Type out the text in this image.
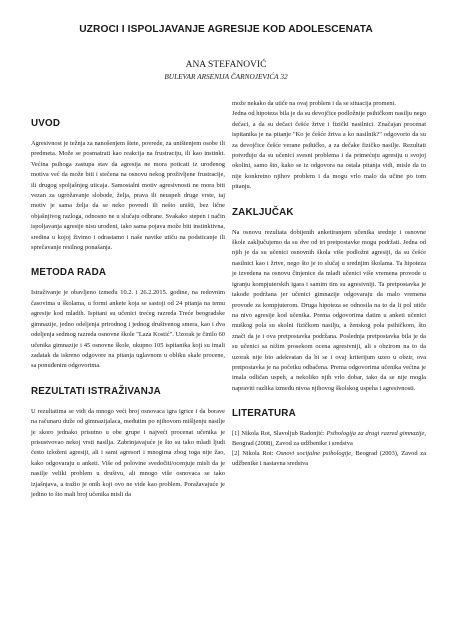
UZROCI I ISPOLJAVANJE AGRESIJE KOD ADOLESCENATA
ANA STEFANOVIĆ
BULEVAR ARSENIJA ČARNOJEVIĆA 32
UVOD

Agresivnost je težnja za nanošenjem štete, povrede, za uništenjem osobe ili predmeta. Može se posmatrati kao reakcija na frustraciju, ili kao instinkt. Većina psihoga zastupa stav da agresija ne mora poticati iz urođenog motiva već da može biti i stečena na osnovu nekog proživljene frustracije, ili drugog spoljašnjeg uticaja. Samostalni motiv agresivnosti ne mora biti vezan za ugrožavanje slobode, želja, prava ili neuspeh druge vrste, taj motiv je sama želja da se neko povredi ili nešto uništi, bez lične objašnjivog razloga, odnosno ne u slučaju odbrane. Svakako stepen i način ispoljavanja agresije nisu urođeni, iako sama pojava može biti instinktivna, sredina u kojoj živimo i odrastamo i naše navike utiču na podsticanje ili sprečavanje resilnog ponašanja.

METODA RADA

Istraživanje je obavljeno između 10.2. i 26.2.2015. godine, na redovnim časovima u školama, u formi ankete koja se sastoji od 24 pitanja na temu agresije kod mladih. Ispitani su učenici trećeg razreda Treće beogradske gimnazije, jedno odeljenja prirodnog i jednog društvenog smera, kao i dva odeljenja sedmog razreda osnovne škole "Laza Kostić". Uzorak je činilo 60 učenika gimnazije i 45 osnovne škole, ukupno 105 ispitanika koji su imali zadatak da iskreno odgovore na pitanja uglavnom u obliku skale procene, sa ponuđenim odgovorima.

REZULTATI ISTRAŽIVANJA

U rezultatima se vidi da mnogo veći broj osnovaca igra igrice i da borave na računaru duže od gimnazijalaca, međutim po njihovom mišljenju nasilje je skoro jednako prisutno u obe grupe i najveći procenat učenika je prisustvovao nekoj vrsti nasilja. Zabrinjavajuće je što su tako mladi ljudi često izloženi agresiji, ali i sami agresori i mnogima zbog toga nije žao, kako odgovaraju u anketi. Više od polovine svedočiti/ocenjuje misli da je nasilje veliki problem u društvu, ali mnogo više osnovaca se tako izjašnjava, a tražio je onih koji ovo ne vide kao problem. Poražavajuće je jedino to što mali broj učenika misli da

može nekako da utiče na ovaj problem i da se situacija promeni.

Jedna od hipoteza bila je da su devojčice podložnije psihičkom nasilju nego dečaci, a da su dečaci češće žrtve i fizički nasilnici. Značajan procenat ispitanika je na pitanje "Ko je češće žrtva a ko nasilnik?" odgovorio da su za devojčice češće verane psihičko, a za dečake fizičko nasilje. Rezultati potvrđuju da su učenici svesni problema i da primećuju agresiju u svojoj okolini, samo što, kako se iz odgovora na ostala pitanja vidi, misle da to nije konkretno njihov problem i da mogu vrlo malo da učine po tom pitanju.

ZAKLJUČAK

Na osnovu rezultata dobijenih anketiranjem učenika srednje i osnovne škole zaključujemo da su dve od tri pretpostavke mogu podržati. Jedna od njih je da su učenici osnovnih škola više podložni agresiji, da su češće nasilnici kao i žrtve, nego što je to slučaj u srednjim školama. Ta hipoteza je izvedena na osnovu činjenice da mlađi učenici više vremena provode u igranju kompjuterskih igara i samim tim su agresivniji. Ta pretpostavka je takođe podržana jer učenici gimnazije odgovaraju da malo vremena provode za kompjuterom. Druga hipoteza se odnosila na to da li pol utiče na nivo agresije kod učenika. Prema odgovorima datim u anketi učenici muškog pola su skolni fizičkom nasilju, a ženskog pola psihičkom, što znači da je i ova pretpostavka podržana. Poslednja pretpostavka bila je da su učenici sa nižim prosekom ocena agresivniji, ali s obzirom na to da uzorak nije bio adekvatan da bi se i ovaj kriterijum uzeo u obzir, ova pretpostavka je na početku odbačena. Prema odgovorima učenika većina je imala odličan uspeh, a nekoliko njih vrlo dobar, tako da se nije mogla napraviti razlika između nivoa njihovog školskog uspeha i agresivnosti.

LITERATURA

[1] Nikola Rot, Slavoljub Radonjić: Psihologija za drugi razred gimnazije, Beograd (2008), Zavod za udžbenike i sredstva

[2] Nikola Rot: Osnovi socijalne psihologije, Beograd (2003), Zavod za udžbenike i nastavna sredstva
